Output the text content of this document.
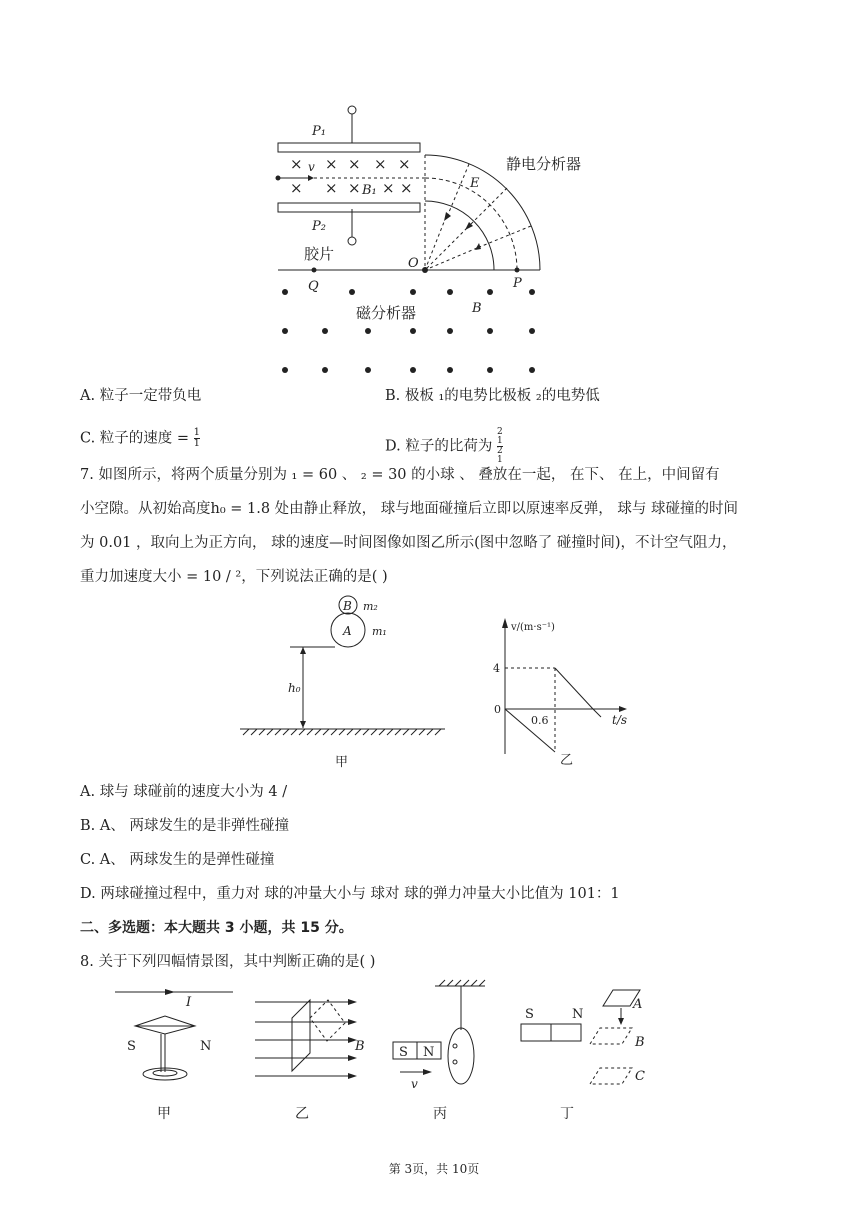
P₁
P₂
× × × × ×
× × × × ×
v
B₁	E
静电分析器
胶片
O
Q	P
磁分析器	B
A. 粒子一定带负电	B. 极板 ₁的电势比极板 ₂的电势低
C. 粒子的速度 = $\frac{1}{1}$	D. 粒子的比荷为
2
1
2
1
7. 如图所示，将两个质量分别为 ₁ = 60 、 ₂ = 30 的小球 、 叠放在一起， 在下、 在上，中间留有
小空隙。从初始高度h₀ = 1.8 处由静止释放， 球与地面碰撞后立即以原速率反弹， 球与 球碰撞的时间
为 0.01 ，取向上为正方向， 球的速度—时间图像如图乙所示(图中忽略了 碰撞时间)，不计空气阻力，
重力加速度大小 = 10 / ²，下列说法正确的是( )
B m₂
A m₁
h₀
甲
v/(m·s⁻¹)
4
0
0.6	t/s
乙
A. 球与 球碰前的速度大小为 4 /
B. A、 两球发生的是非弹性碰撞
C. A、 两球发生的是弹性碰撞
D. 两球碰撞过程中，重力对 球的冲量大小与 球对 球的弹力冲量大小比值为 101：1
二、多选题：本大题共 3 小题，共 15 分。
8. 关于下列四幅情景图，其中判断正确的是( )
I
S	N
甲
B
乙
S N
v
丙
S	N
A
B
C
丁
第 3页，共 10页
